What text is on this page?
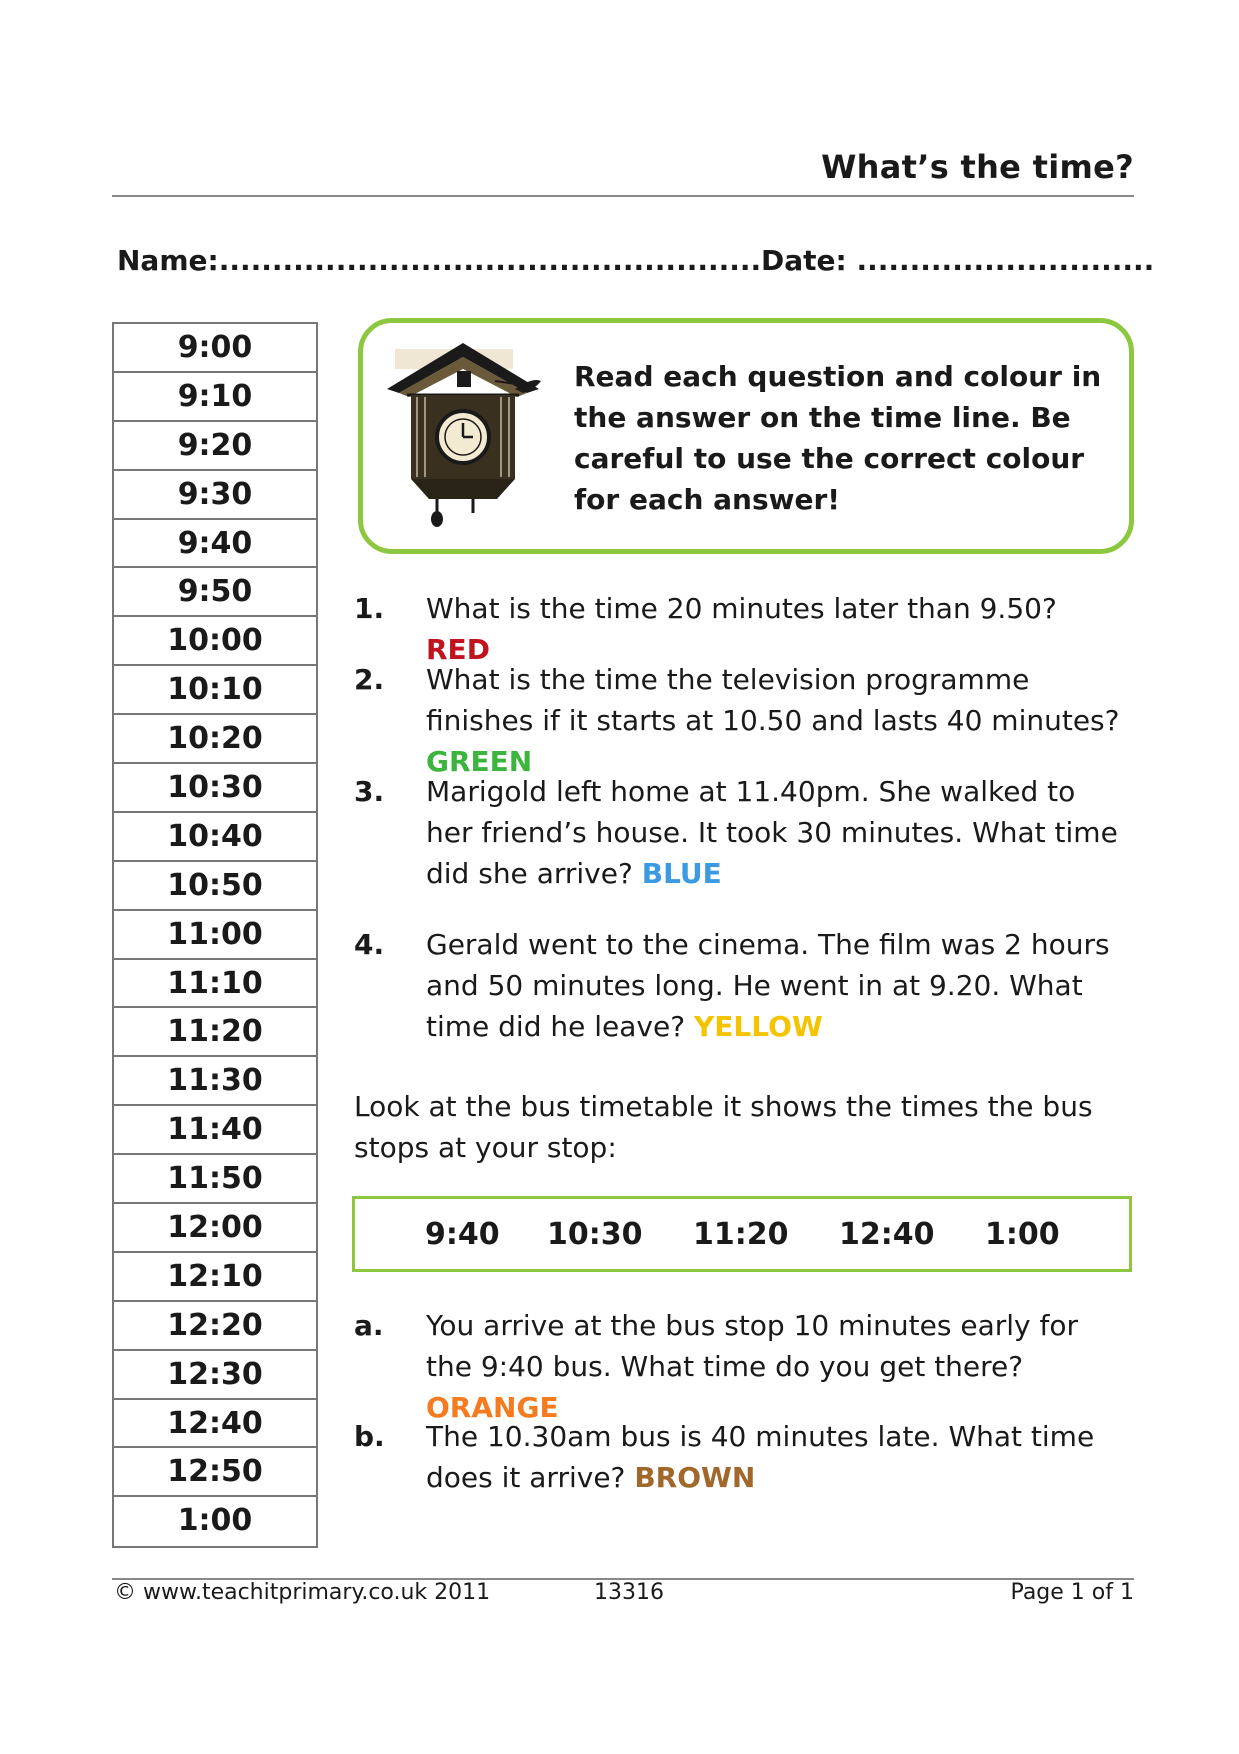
What’s the time?
Name:....................................................
Date: ............................
9:00
9:10
9:20
9:30
9:40
9:50
10:00
10:10
10:20
10:30
10:40
10:50
11:00
11:10
11:20
11:30
11:40
11:50
12:00
12:10
12:20
12:30
12:40
12:50
1:00
Read each question and colour in the answer on the time line. Be careful to use the correct colour for each answer!
1. What is the time 20 minutes later than 9.50? RED
2. What is the time the television programme finishes if it starts at 10.50 and lasts 40 minutes? GREEN
3. Marigold left home at 11.40pm. She walked to her friend’s house. It took 30 minutes. What time did she arrive? BLUE
4. Gerald went to the cinema. The film was 2 hours and 50 minutes long. He went in at 9.20. What time did he leave? YELLOW
Look at the bus timetable it shows the times the bus stops at your stop:
9:40 10:30 11:20 12:40 1:00
a. You arrive at the bus stop 10 minutes early for the 9:40 bus. What time do you get there? ORANGE
b. The 10.30am bus is 40 minutes late. What time does it arrive? BROWN
© www.teachitprimary.co.uk 2011	13316	Page 1 of 1
